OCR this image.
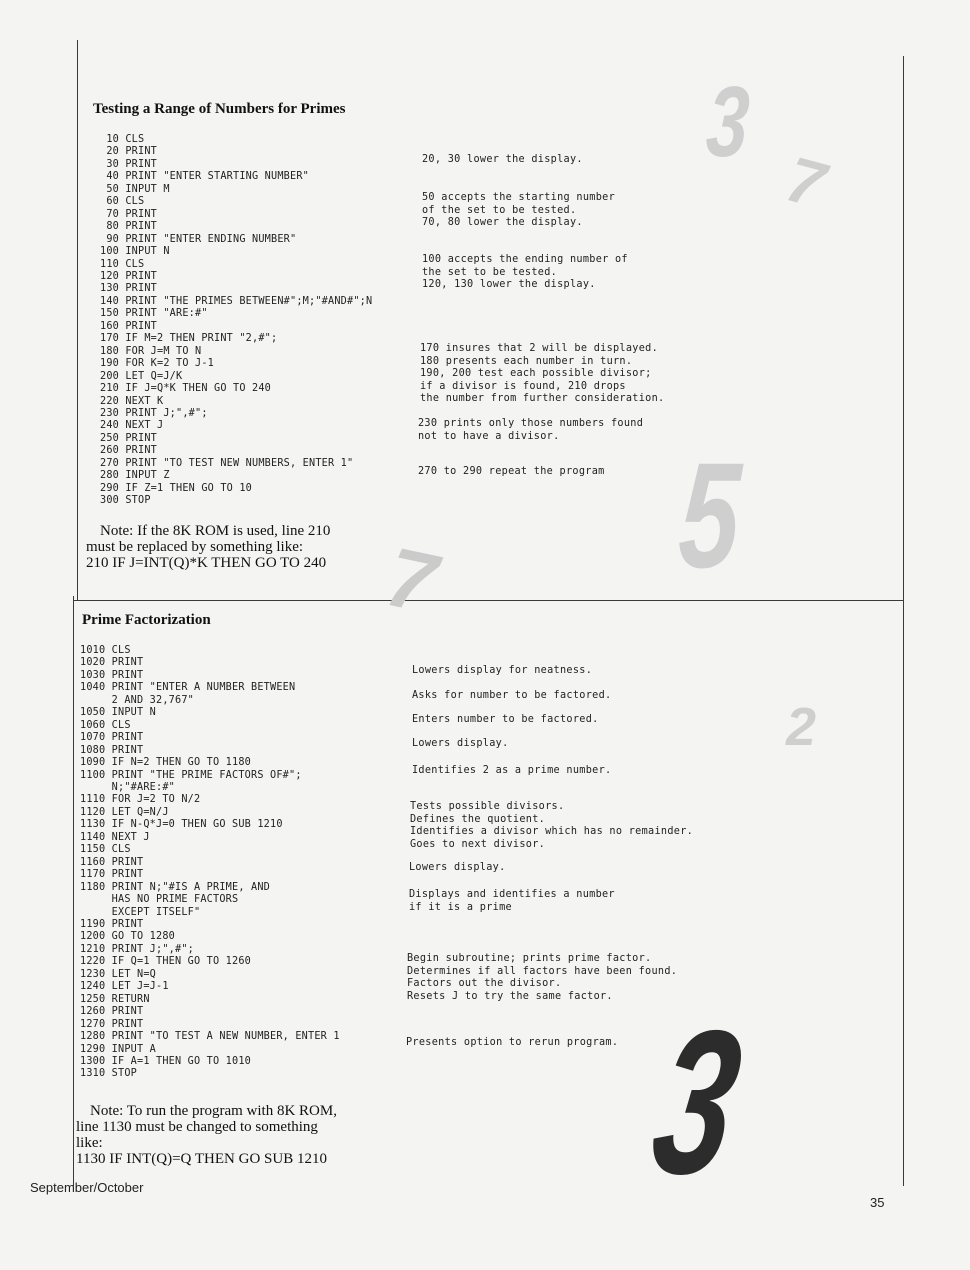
3
7
5
7
2
3
Testing a Range of Numbers for Primes
10 CLS
20 PRINT
30 PRINT
40 PRINT "ENTER STARTING NUMBER"
50 INPUT M
60 CLS
70 PRINT
80 PRINT
90 PRINT "ENTER ENDING NUMBER"
100 INPUT N
110 CLS
120 PRINT
130 PRINT
140 PRINT "THE PRIMES BETWEEN#";M;"#AND#";N
150 PRINT "ARE:#"
160 PRINT
170 IF M=2 THEN PRINT "2,#";
180 FOR J=M TO N
190 FOR K=2 TO J-1
200 LET Q=J/K
210 IF J=Q*K THEN GO TO 240
220 NEXT K
230 PRINT J;",#";
240 NEXT J
250 PRINT
260 PRINT
270 PRINT "TO TEST NEW NUMBERS, ENTER 1"
280 INPUT Z
290 IF Z=1 THEN GO TO 10
300 STOP
20, 30 lower the display.
50 accepts the starting number
of the set to be tested.
70, 80 lower the display.
100 accepts the ending number of
the set to be tested.
120, 130 lower the display.
170 insures that 2 will be displayed.
180 presents each number in turn.
190, 200 test each possible divisor;
if a divisor is found, 210 drops
the number from further consideration.
230 prints only those numbers found
not to have a divisor.
270 to 290 repeat the program
Note: If the 8K ROM is used, line 210
must be replaced by something like:
210 IF J=INT(Q)*K THEN GO TO 240
Prime Factorization
1010 CLS
1020 PRINT
1030 PRINT
1040 PRINT "ENTER A NUMBER BETWEEN
2 AND 32,767"
1050 INPUT N
1060 CLS
1070 PRINT
1080 PRINT
1090 IF N=2 THEN GO TO 1180
1100 PRINT "THE PRIME FACTORS OF#";
N;"#ARE:#"
1110 FOR J=2 TO N/2
1120 LET Q=N/J
1130 IF N-Q*J=0 THEN GO SUB 1210
1140 NEXT J
1150 CLS
1160 PRINT
1170 PRINT
1180 PRINT N;"#IS A PRIME, AND
HAS NO PRIME FACTORS
EXCEPT ITSELF"
1190 PRINT
1200 GO TO 1280
1210 PRINT J;",#";
1220 IF Q=1 THEN GO TO 1260
1230 LET N=Q
1240 LET J=J-1
1250 RETURN
1260 PRINT
1270 PRINT
1280 PRINT "TO TEST A NEW NUMBER, ENTER 1
1290 INPUT A
1300 IF A=1 THEN GO TO 1010
1310 STOP
Lowers display for neatness.
Asks for number to be factored.
Enters number to be factored.
Lowers display.
Identifies 2 as a prime number.
Tests possible divisors.
Defines the quotient.
Identifies a divisor which has no remainder.
Goes to next divisor.
Lowers display.
Displays and identifies a number
if it is a prime
Begin subroutine; prints prime factor.
Determines if all factors have been found.
Factors out the divisor.
Resets J to try the same factor.
Presents option to rerun program.
Note: To run the program with 8K ROM,
line 1130 must be changed to something
like:
1130 IF INT(Q)=Q THEN GO SUB 1210
September/October
35
